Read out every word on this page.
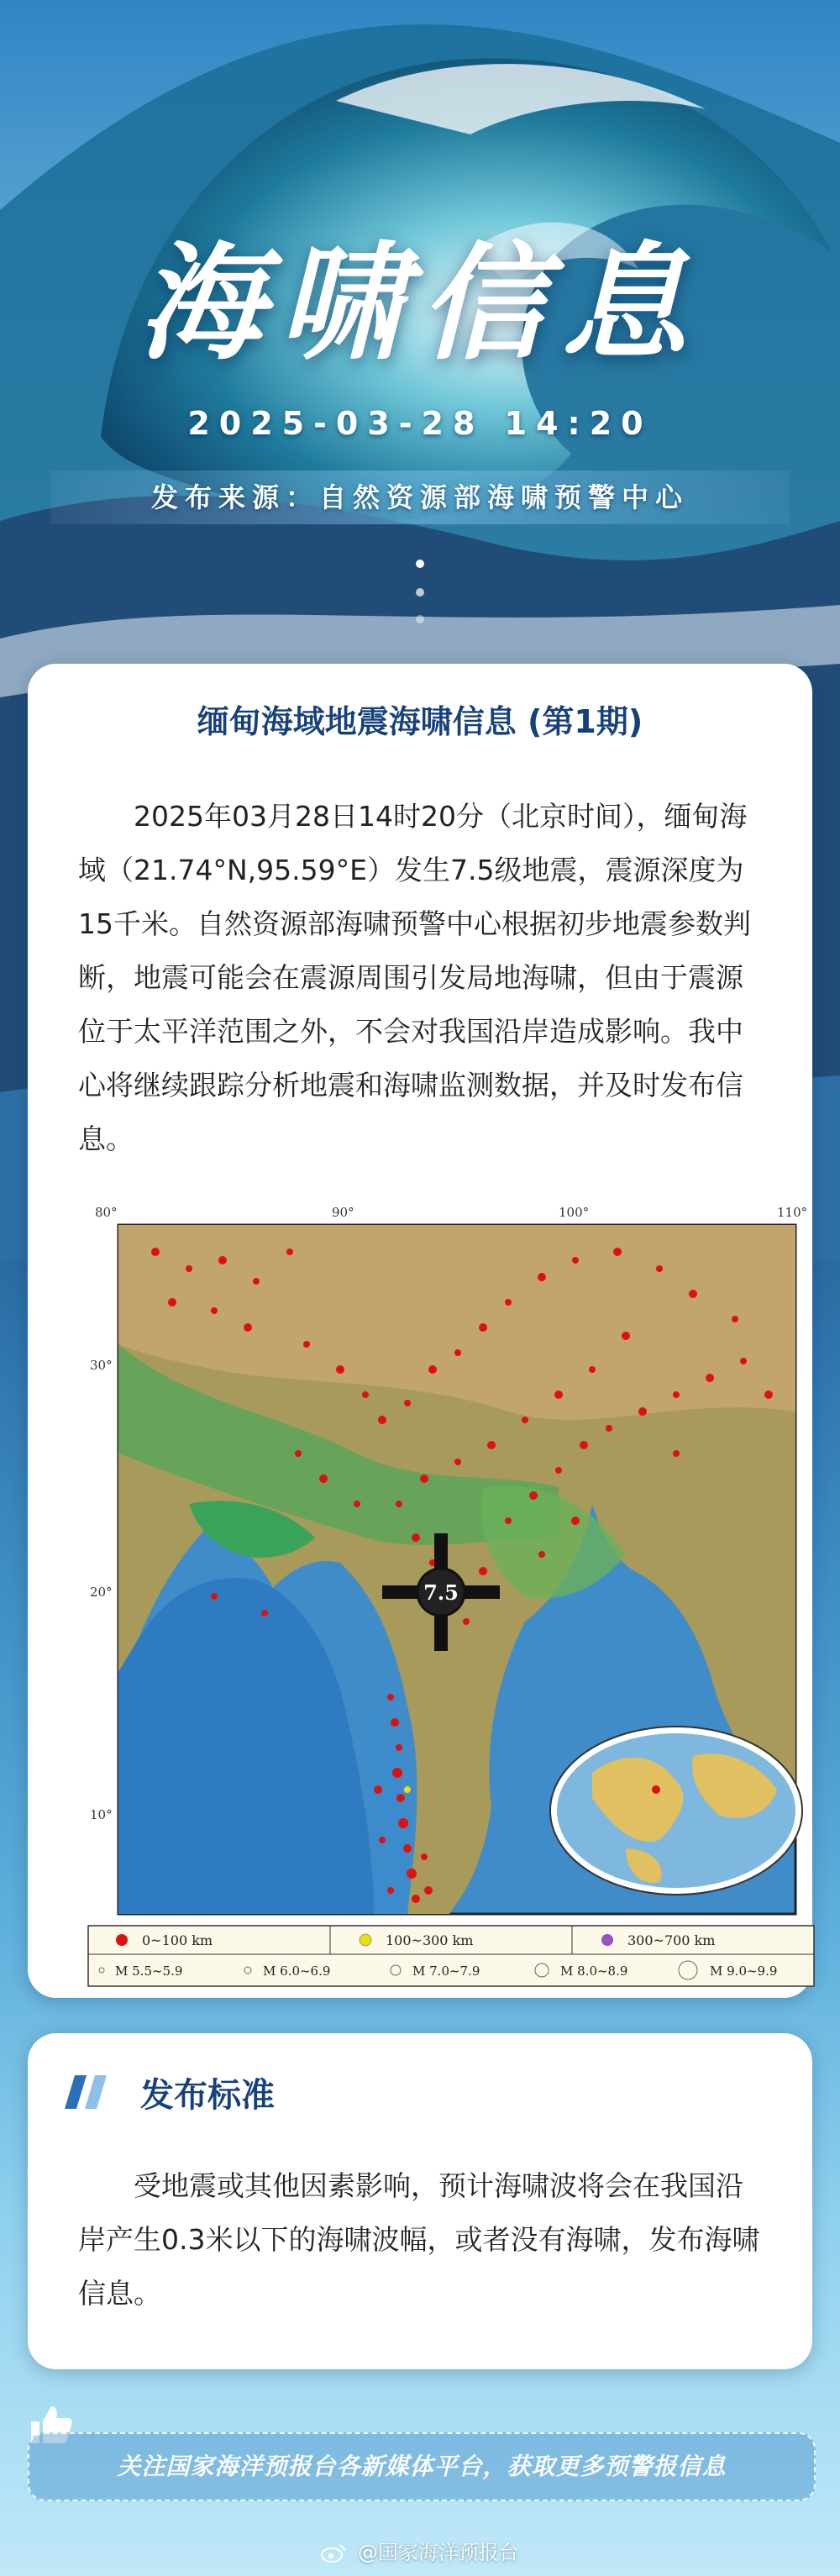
海啸信息
2025-03-28 14:20
发布来源：自然资源部海啸预警中心
缅甸海域地震海啸信息 (第1期)
2025年03月28日14时20分（北京时间），缅甸海域（21.74°N,95.59°E）发生7.5级地震，震源深度为15千米。自然资源部海啸预警中心根据初步地震参数判断，地震可能会在震源周围引发局地海啸，但由于震源位于太平洋范围之外，不会对我国沿岸造成影响。我中心将继续跟踪分析地震和海啸监测数据，并及时发布信息。
80°	90°	100°	110°
7.5
30°
20°
10°
0~100 km	100~300 km	300~700 km
M 5.5~5.9	M 6.0~6.9	M 7.0~7.9	M 8.0~8.9	M 9.0~9.9
发布标准
受地震或其他因素影响，预计海啸波将会在我国沿岸产生0.3米以下的海啸波幅，或者没有海啸，发布海啸信息。
关注国家海洋预报台各新媒体平台，获取更多预警报信息
@国家海洋预报台
